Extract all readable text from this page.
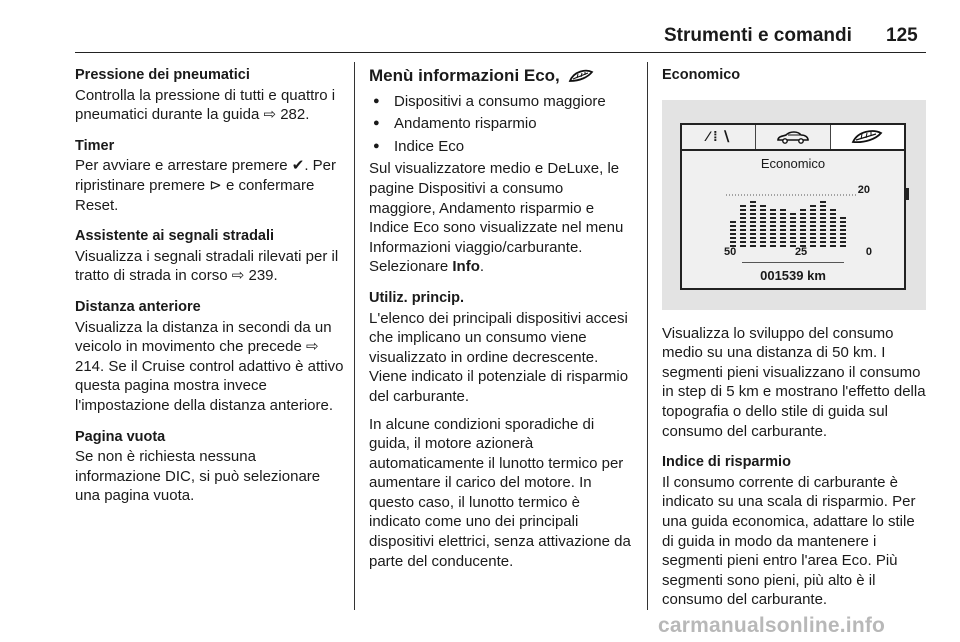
Strumenti e comandi 125
Pressione dei pneumatici
Controlla la pressione di tutti e quattro i pneumatici durante la guida ⇨ 282.
Timer
Per avviare e arrestare premere ✔. Per ripristinare premere ⊳ e confermare Reset.
Assistente ai segnali stradali
Visualizza i segnali stradali rilevati per il tratto di strada in corso ⇨ 239.
Distanza anteriore
Visualizza la distanza in secondi da un veicolo in movimento che precede ⇨ 214. Se il Cruise control adattivo è attivo questa pagina mostra invece l'impostazione della distanza anteriore.
Pagina vuota
Se non è richiesta nessuna informazione DIC, si può selezionare una pagina vuota.
Menù informazioni Eco,
● Dispositivi a consumo maggiore
● Andamento risparmio
● Indice Eco
Sul visualizzatore medio e DeLuxe, le pagine Dispositivi a consumo maggiore, Andamento risparmio e Indice Eco sono visualizzate nel menu Informazioni viaggio/carburante. Selezionare Info.
Utiliz. princip.
L'elenco dei principali dispositivi accesi che implicano un consumo viene visualizzato in ordine decrescente. Viene indicato il potenziale di risparmio del carburante.
In alcune condizioni sporadiche di guida, il motore azionerà automaticamente il lunotto termico per aumentare il carico del motore. In questo caso, il lunotto termico è indicato come uno dei principali dispositivi elettrici, senza attivazione da parte del conducente.
Economico
⁄ ⁞ ∖
Economico
20
50	25	0
001539 km
Visualizza lo sviluppo del consumo medio su una distanza di 50 km. I segmenti pieni visualizzano il consumo in step di 5 km e mostrano l'effetto della topografia o dello stile di guida sul consumo del carburante.
Indice di risparmio
Il consumo corrente di carburante è indicato su una scala di risparmio. Per una guida economica, adattare lo stile di guida in modo da mantenere i segmenti pieni entro l'area Eco. Più segmenti sono pieni, più alto è il consumo del carburante.
carmanualsonline.info
